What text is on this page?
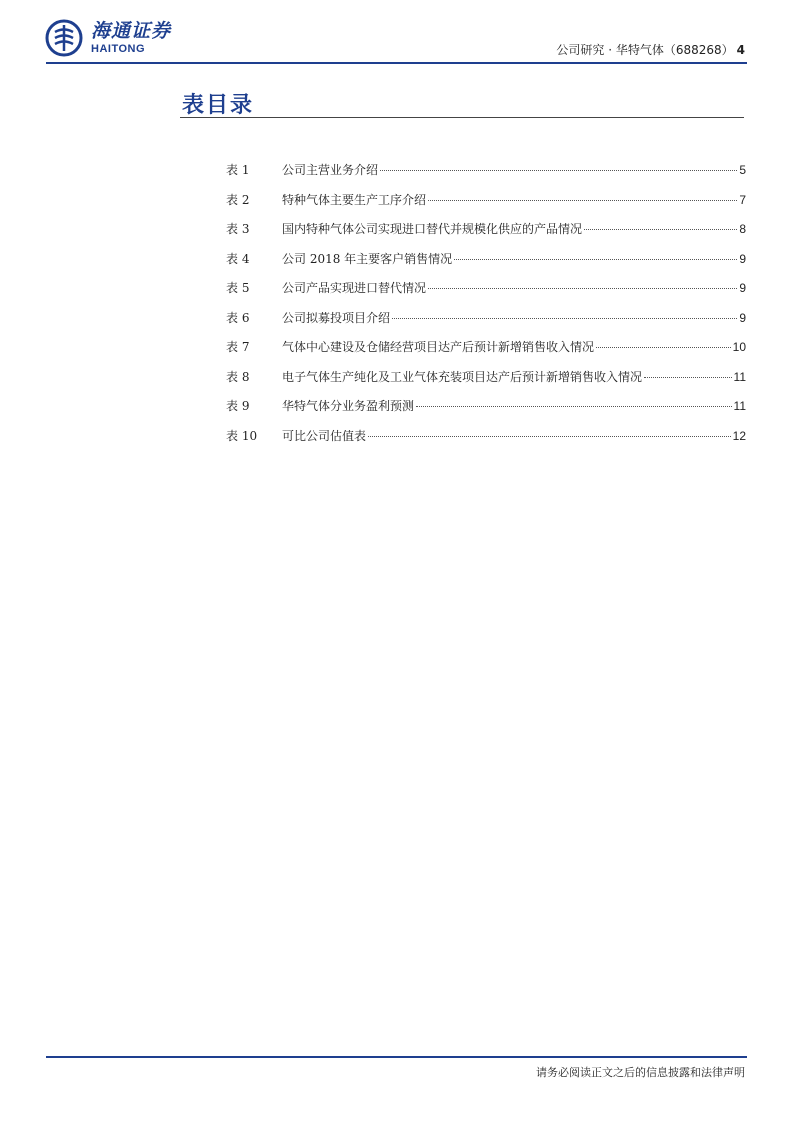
海通证券
HAITONG	公司研究 · 华特气体（688268） 4
表目录
表 1	公司主营业务介绍	5
表 2	特种气体主要生产工序介绍	7
表 3	国内特种气体公司实现进口替代并规模化供应的产品情况	8
表 4	公司 2018 年主要客户销售情况	9
表 5	公司产品实现进口替代情况	9
表 6	公司拟募投项目介绍	9
表 7	气体中心建设及仓储经营项目达产后预计新增销售收入情况	10
表 8	电子气体生产纯化及工业气体充装项目达产后预计新增销售收入情况	11
表 9	华特气体分业务盈利预测	11
表 10	可比公司估值表	12
请务必阅读正文之后的信息披露和法律声明
